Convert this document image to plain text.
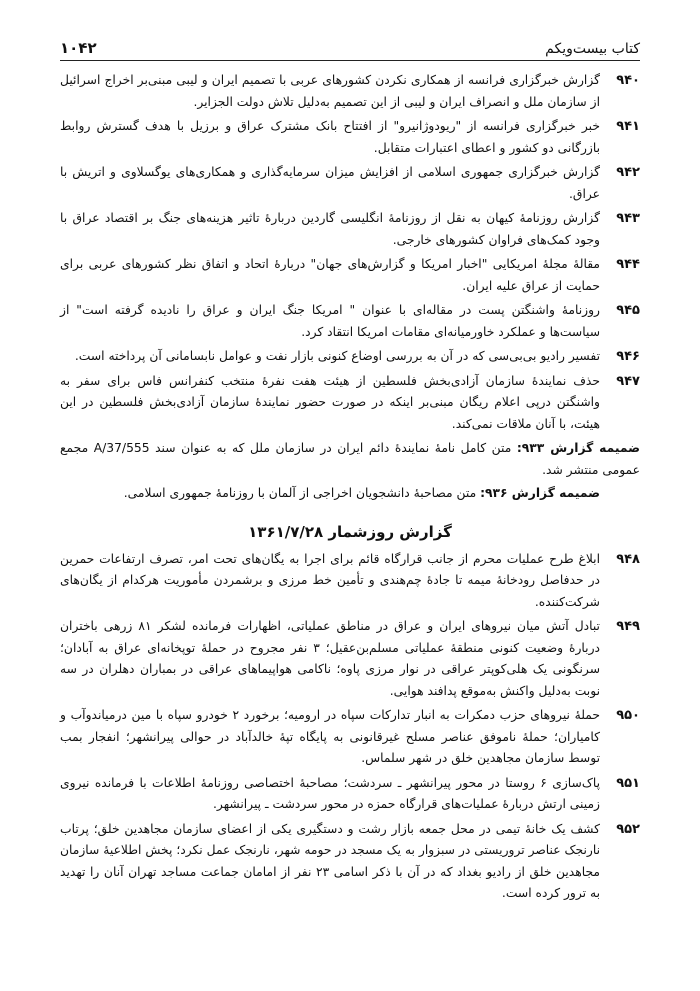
کتاب بیست‌ویکم
۱۰۴۲
۹۴۰
گزارش خبرگزاری فرانسه از همکاری نکردن کشورهای عربی با تصمیم ایران و لیبی مبنی‌بر اخراج اسرائیل از سازمان ملل و انصراف ایران و لیبی از این تصمیم به‌دلیل تلاش دولت الجزایر.
۹۴۱
خبر خبرگزاری فرانسه از "ریودوژانیرو" از افتتاح بانک مشترک عراق و برزیل با هدف گسترش روابط بازرگانی دو کشور و اعطای اعتبارات متقابل.
۹۴۲
گزارش خبرگزاری جمهوری اسلامی از افزایش میزان سرمایه‌گذاری و همکاری‌های یوگسلاوی و اتریش با عراق.
۹۴۳
گزارش روزنامهٔ کیهان به نقل از روزنامهٔ انگلیسی گاردین دربارهٔ تاثیر هزینه‌های جنگ بر اقتصاد عراق با وجود کمک‌های فراوان کشورهای خارجی.
۹۴۴
مقالهٔ مجلهٔ امریکایی "اخبار امریکا و گزارش‌های جهان" دربارهٔ اتحاد و اتفاق نظر کشورهای عربی برای حمایت از عراق علیه ایران.
۹۴۵
روزنامهٔ واشنگتن پست در مقاله‌ای با عنوان " امریکا جنگ ایران و عراق را نادیده گرفته است" از سیاست‌ها و عملکرد خاورمیانه‌ای مقامات امریکا انتقاد کرد.
۹۴۶
تفسیر رادیو بی‌بی‌سی که در آن به بررسی اوضاع کنونی بازار نفت و عوامل نابسامانی آن پرداخته است.
۹۴۷
حذف نمایندهٔ سازمان آزادی‌بخش فلسطین از هیئت هفت نفرهٔ منتخب کنفرانس فاس برای سفر به واشنگتن درپی اعلام ریگان مبنی‌بر اینکه در صورت حضور نمایندهٔ سازمان آزادی‌بخش فلسطین در این هیئت، با آنان ملاقات نمی‌کند.
ضمیمه گزارش ۹۳۳: متن کامل نامهٔ نمایندهٔ دائم ایران در سازمان ملل که به عنوان سند A/37/555 مجمع عمومی منتشر شد.
ضمیمه گزارش ۹۳۶: متن مصاحبهٔ دانشجویان اخراجی از آلمان با روزنامهٔ جمهوری اسلامی.
گزارش روزشمار ۱۳۶۱/۷/۲۸
۹۴۸
ابلاغ طرح عملیات محرم از جانب قرارگاه قائم برای اجرا به یگان‌های تحت امر، تصرف ارتفاعات حمرین در حدفاصل رودخانهٔ میمه تا جادهٔ چم‌هندی و تأمین خط مرزی و برشمردن مأموریت هرکدام از یگان‌های شرکت‌کننده.
۹۴۹
تبادل آتش میان نیروهای ایران و عراق در مناطق عملیاتی، اظهارات فرمانده لشکر ۸۱ زرهی باختران دربارهٔ وضعیت کنونی منطقهٔ عملیاتی مسلم‌بن‌عقیل؛ ۳ نفر مجروح در حملهٔ توپخانه‌ای عراق به آبادان؛ سرنگونی یک هلی‌کوپتر عراقی در نوار مرزی پاوه؛ ناکامی هواپیماهای عراقی در بمباران دهلران در سه نوبت به‌دلیل واکنش به‌موقع پدافند هوایی.
۹۵۰
حملهٔ نیروهای حزب دمکرات به انبار تدارکات سپاه در ارومیه؛ برخورد ۲ خودرو سپاه با مین درمیاندوآب و کامیاران؛ حملهٔ ناموفق عناصر مسلح غیرقانونی به پایگاه تپهٔ خالدآباد در حوالی پیرانشهر؛ انفجار بمب توسط سازمان مجاهدین خلق در شهر سلماس.
۹۵۱
پاک‌سازی ۶ روستا در محور پیرانشهر ـ سردشت؛ مصاحبهٔ اختصاصی روزنامهٔ اطلاعات با فرمانده نیروی زمینی ارتش دربارهٔ عملیات‌های قرارگاه حمزه در محور سردشت ـ پیرانشهر.
۹۵۲
کشف یک خانهٔ تیمی در محل جمعه بازار رشت و دستگیری یکی از اعضای سازمان مجاهدین خلق؛ پرتاب نارنجک عناصر تروریستی در سبزوار به یک مسجد در حومه شهر، نارنجک عمل نکرد؛ پخش اطلاعیهٔ سازمان مجاهدین خلق از رادیو بغداد که در آن با ذکر اسامی ۲۳ نفر از امامان جماعت مساجد تهران آنان را تهدید به ترور کرده است.
